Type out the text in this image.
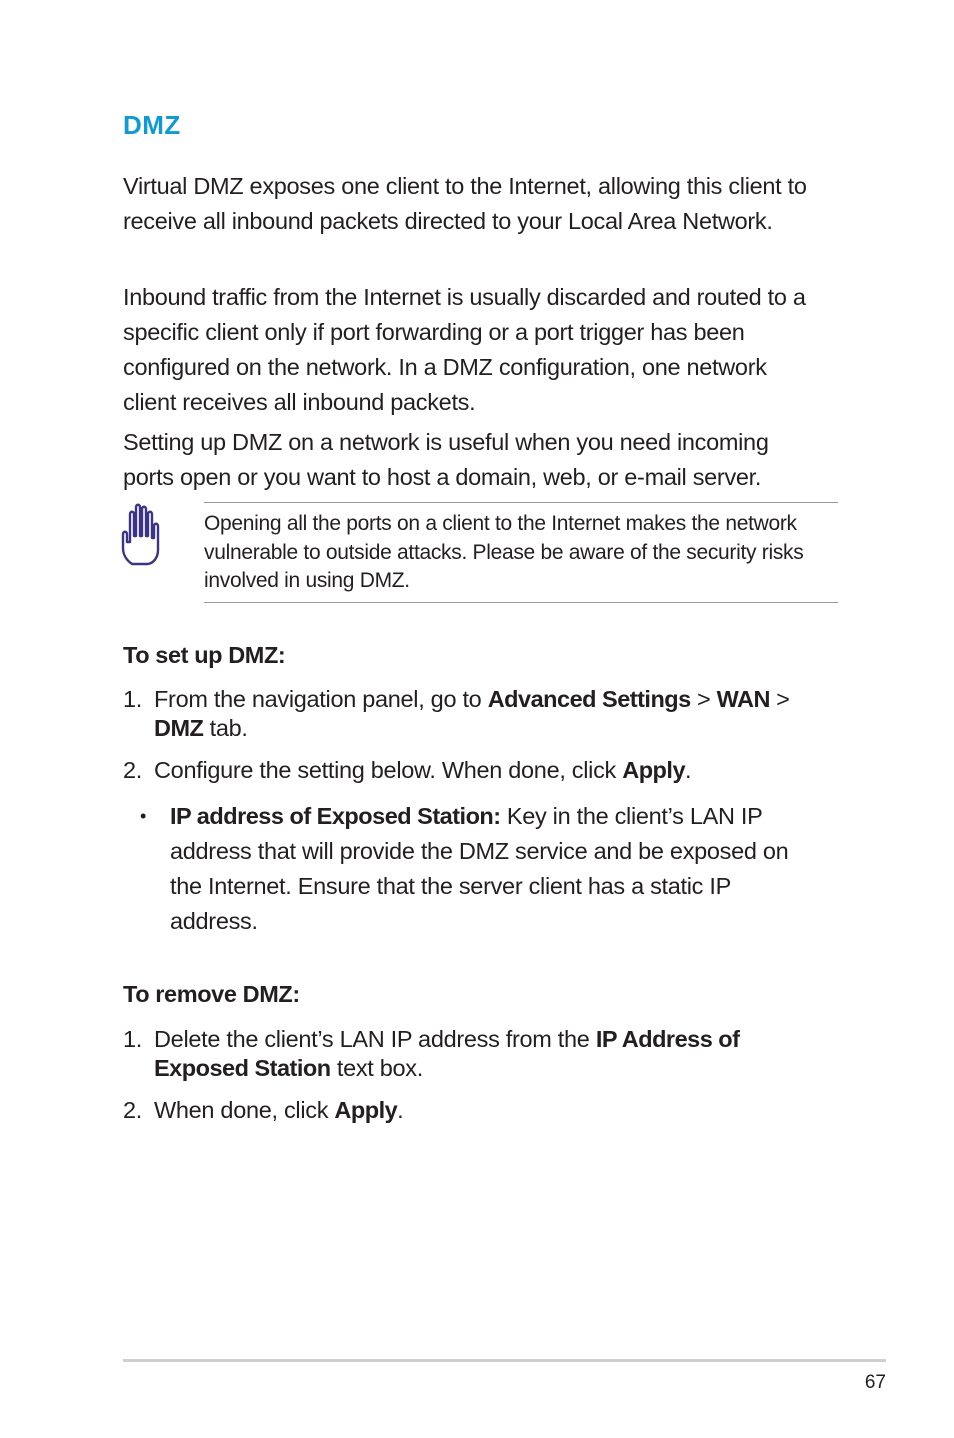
DMZ

Virtual DMZ exposes one client to the Internet, allowing this client to receive all inbound packets directed to your Local Area Network.

Inbound traffic from the Internet is usually discarded and routed to a specific client only if port forwarding or a port trigger has been configured on the network. In a DMZ configuration, one network client receives all inbound packets.

Setting up DMZ on a network is useful when you need incoming ports open or you want to host a domain, web, or e-mail server.

Opening all the ports on a client to the Internet makes the network vulnerable to outside attacks. Please be aware of the security risks involved in using DMZ.

To set up DMZ:
1. From the navigation panel, go to Advanced Settings > WAN > DMZ tab.
2. Configure the setting below. When done, click Apply.
• IP address of Exposed Station: Key in the client’s LAN IP address that will provide the DMZ service and be exposed on the Internet. Ensure that the server client has a static IP address.
To remove DMZ:
1. Delete the client’s LAN IP address from the IP Address of Exposed Station text box.
2. When done, click Apply.

67
